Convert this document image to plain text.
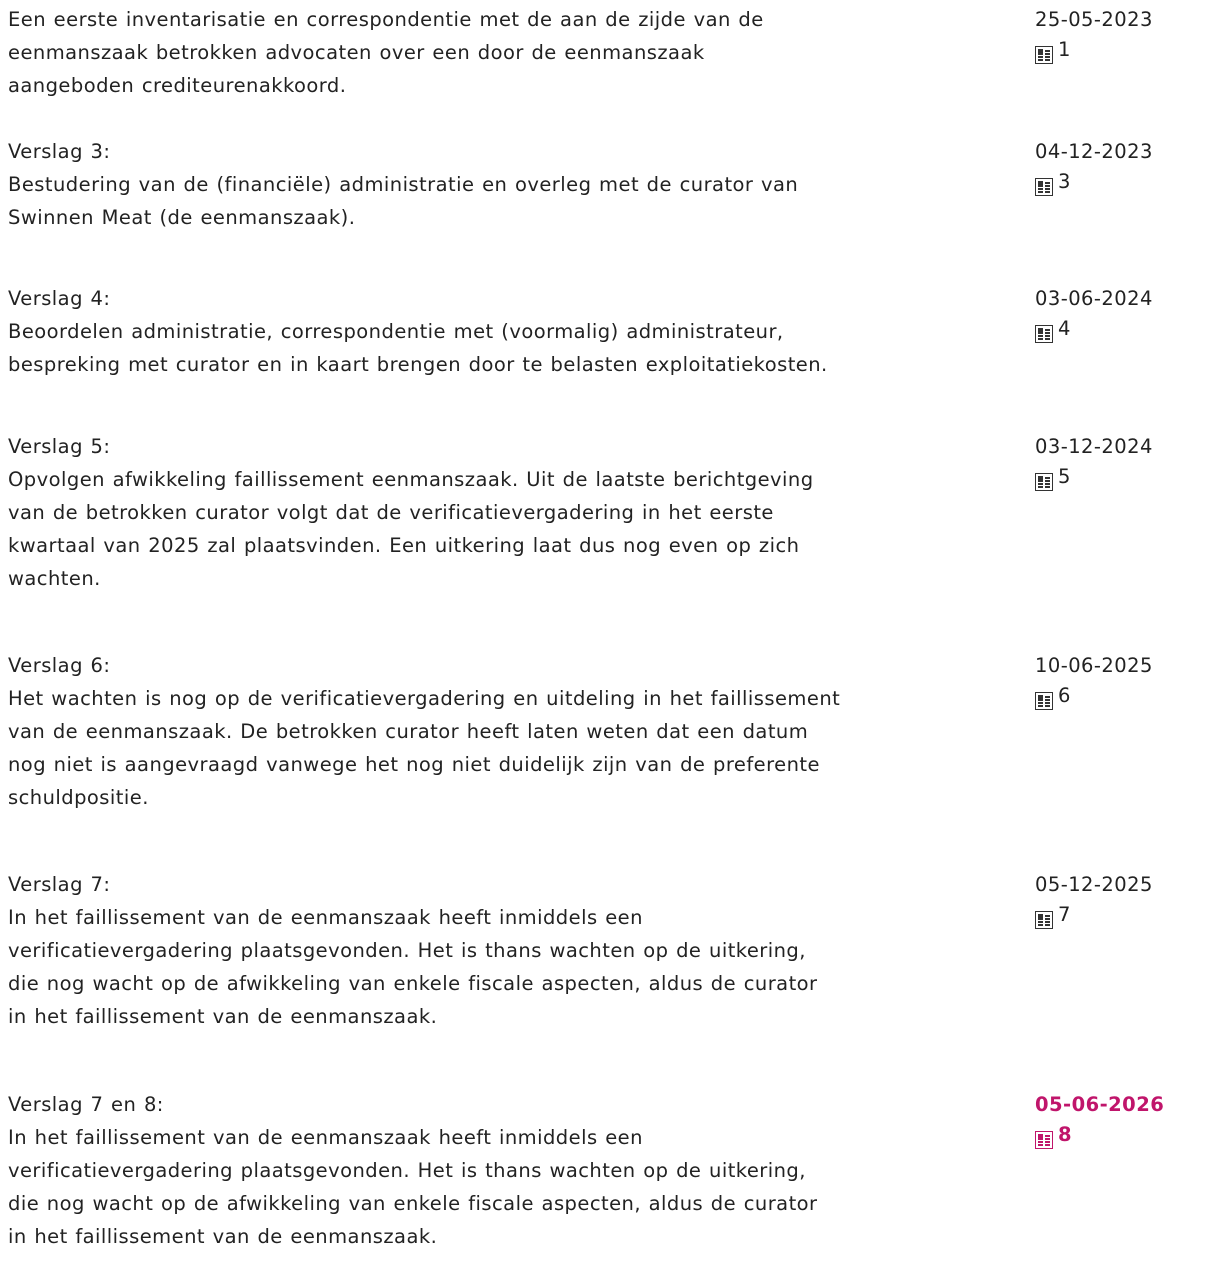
Een eerste inventarisatie en correspondentie met de aan de zijde van de
eenmanszaak betrokken advocaten over een door de eenmanszaak
aangeboden crediteurenakkoord.
25-05-2023
1
Verslag 3:
Bestudering van de (financiële) administratie en overleg met de curator van
Swinnen Meat (de eenmanszaak).
04-12-2023
3
Verslag 4:
Beoordelen administratie, correspondentie met (voormalig) administrateur,
bespreking met curator en in kaart brengen door te belasten exploitatiekosten.
03-06-2024
4
Verslag 5:
Opvolgen afwikkeling faillissement eenmanszaak. Uit de laatste berichtgeving
van de betrokken curator volgt dat de verificatievergadering in het eerste
kwartaal van 2025 zal plaatsvinden. Een uitkering laat dus nog even op zich
wachten.
03-12-2024
5
Verslag 6:
Het wachten is nog op de verificatievergadering en uitdeling in het faillissement
van de eenmanszaak. De betrokken curator heeft laten weten dat een datum
nog niet is aangevraagd vanwege het nog niet duidelijk zijn van de preferente
schuldpositie.
10-06-2025
6
Verslag 7:
In het faillissement van de eenmanszaak heeft inmiddels een
verificatievergadering plaatsgevonden. Het is thans wachten op de uitkering,
die nog wacht op de afwikkeling van enkele fiscale aspecten, aldus de curator
in het faillissement van de eenmanszaak.
05-12-2025
7
Verslag 7 en 8:
In het faillissement van de eenmanszaak heeft inmiddels een
verificatievergadering plaatsgevonden. Het is thans wachten op de uitkering,
die nog wacht op de afwikkeling van enkele fiscale aspecten, aldus de curator
in het faillissement van de eenmanszaak.
05-06-2026
8
